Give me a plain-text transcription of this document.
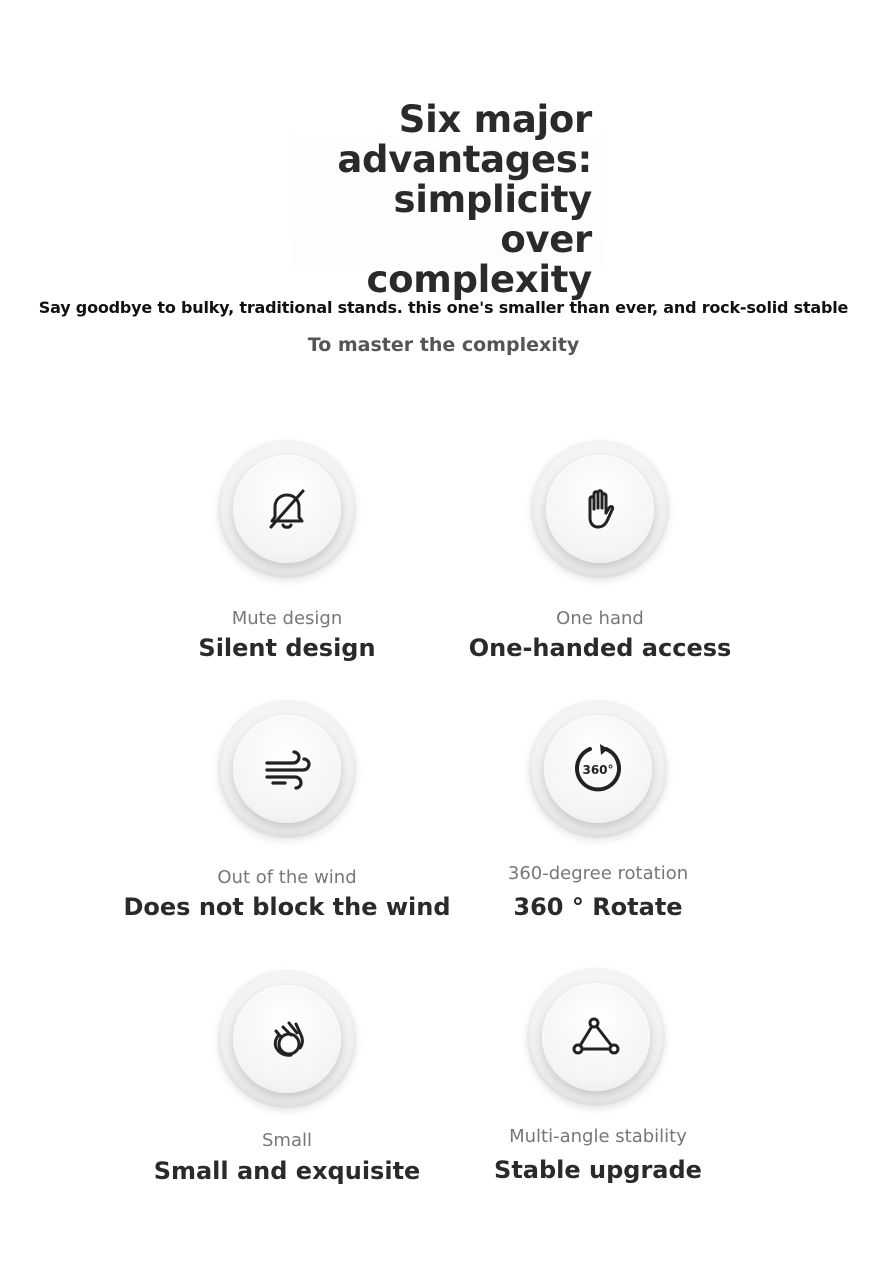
Six major
advantages:
simplicity over
complexity

Say goodbye to bulky, traditional stands. this one's smaller than ever, and rock-solid stable

To master the complexity

Mute design
Silent design
One hand
One-handed access
Out of the wind
Does not block the wind
360°
360-degree rotation
360 ° Rotate
Small
Small and exquisite
Multi-angle stability
Stable upgrade
